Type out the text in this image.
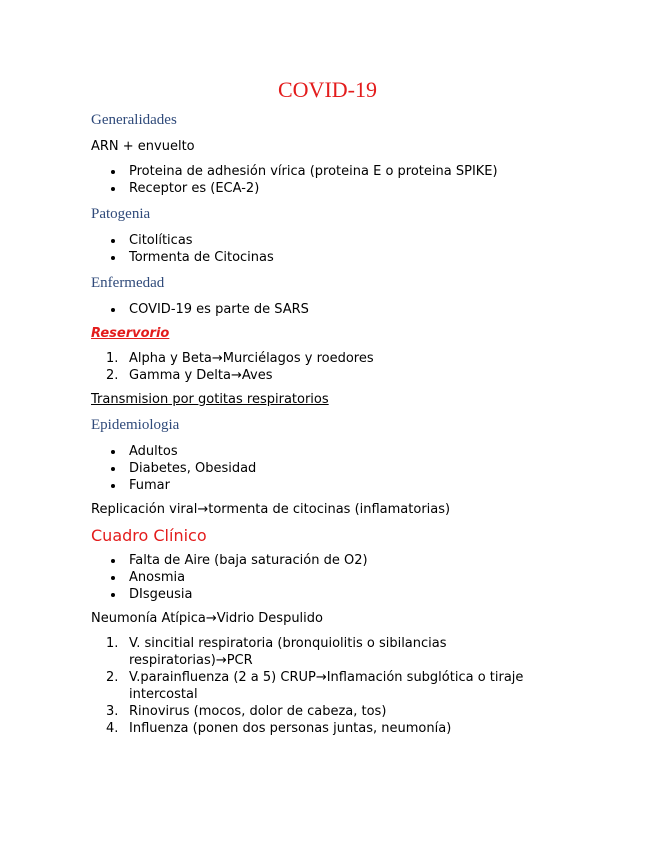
COVID-19
Generalidades
ARN + envuelto
Proteina de adhesión vírica (proteina E o proteina SPIKE)
Receptor es (ECA-2)
Patogenia
Citolíticas
Tormenta de Citocinas
Enfermedad
COVID-19 es parte de SARS
Reservorio
1. Alpha y Beta→Murciélagos y roedores
2. Gamma y Delta→Aves
Transmision por gotitas respiratorios
Epidemiologia
Adultos
Diabetes, Obesidad
Fumar
Replicación viral→tormenta de citocinas (inflamatorias)
Cuadro Clínico
Falta de Aire (baja saturación de O2)
Anosmia
DIsgeusia
Neumonía Atípica→Vidrio Despulido
1. V. sincitial respiratoria (bronquiolitis o sibilancias
respiratorias)→PCR
2. V.parainfluenza (2 a 5) CRUP→Inflamación subglótica o tiraje
intercostal
3. Rinovirus (mocos, dolor de cabeza, tos)
4. Influenza (ponen dos personas juntas, neumonía)
